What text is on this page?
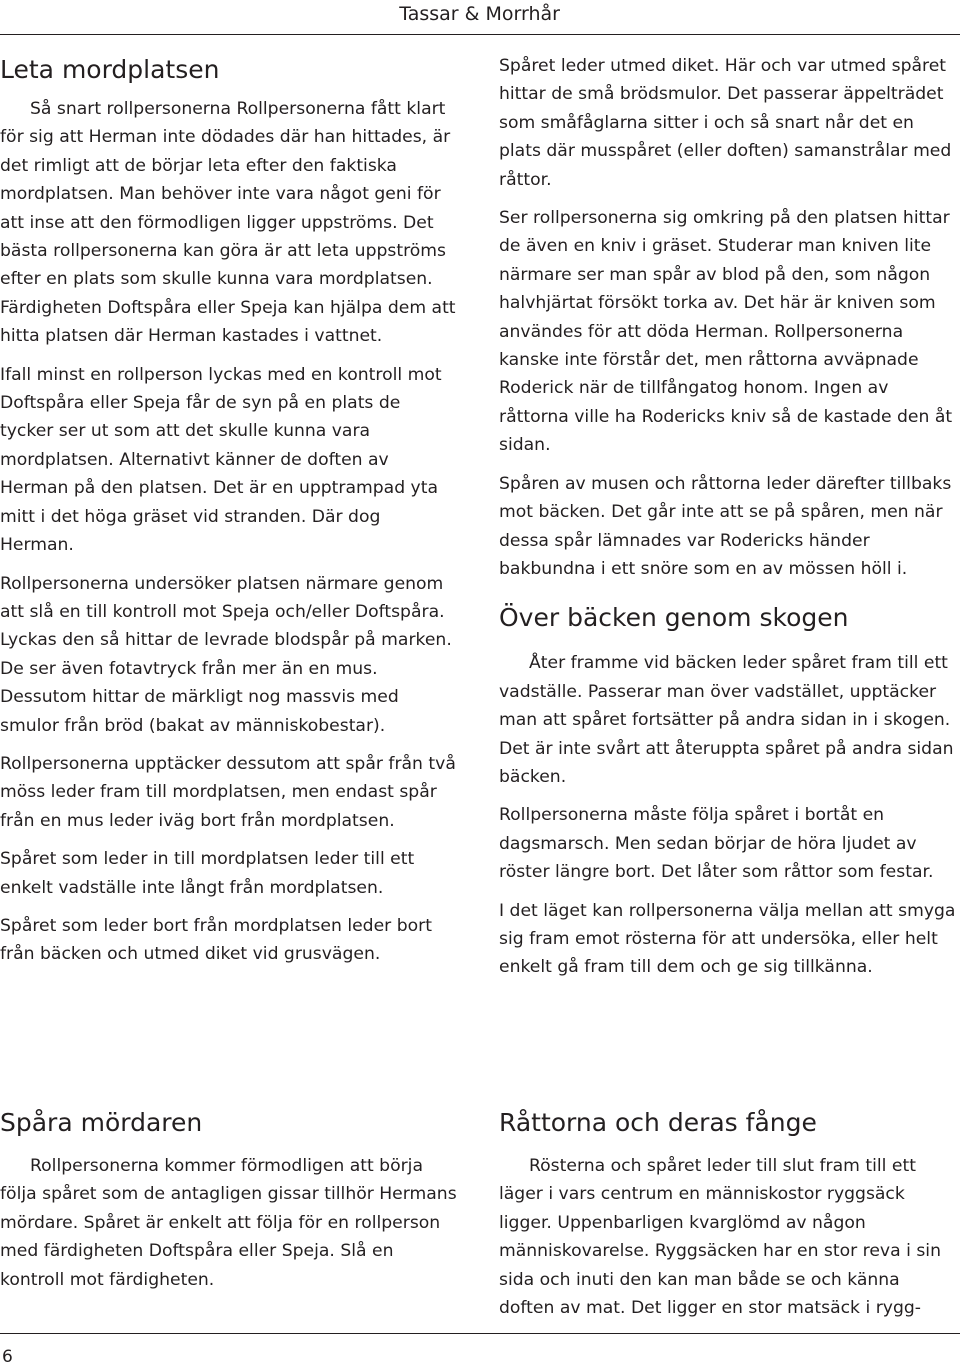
Tassar & Morrhår
Leta mordplatsen

Så snart rollpersonerna Rollpersonerna fått klart för sig att Herman inte dödades där han hittades, är det rimligt att de börjar leta efter den faktiska mordplatsen. Man behöver inte vara något geni för att inse att den förmodligen ligger uppströms. Det bästa rollpersonerna kan göra är att leta uppströms efter en plats som skulle kunna vara mordplatsen. Färdigheten Doftspåra eller Speja kan hjälpa dem att hitta platsen där Herman kastades i vattnet.

Ifall minst en rollperson lyckas med en kontroll mot Doftspåra eller Speja får de syn på en plats de tycker ser ut som att det skulle kunna vara mordplatsen. Alternativt känner de doften av Herman på den platsen. Det är en upptrampad yta mitt i det höga gräset vid stranden. Där dog Herman.

Rollpersonerna undersöker platsen närmare genom att slå en till kontroll mot Speja och/eller Doftspåra. Lyckas den så hittar de levrade blodspår på marken. De ser även fotavtryck från mer än en mus. Dessutom hittar de märkligt nog massvis med smulor från bröd (bakat av människobestar).

Rollpersonerna upptäcker dessutom att spår från två möss leder fram till mordplatsen, men endast spår från en mus leder iväg bort från mordplatsen.

Spåret som leder in till mordplatsen leder till ett enkelt vadställe inte långt från mordplatsen.

Spåret som leder bort från mordplatsen leder bort från bäcken och utmed diket vid grusvägen.

Spåra mördaren

Rollpersonerna kommer förmodligen att börja följa spåret som de antagligen gissar tillhör Hermans mördare. Spåret är enkelt att följa för en rollperson med färdigheten Doftspåra eller Speja. Slå en kontroll mot färdigheten.

Spåret leder utmed diket. Här och var utmed spåret hittar de små brödsmulor. Det passerar äppelträdet som småfåglarna sitter i och så snart når det en plats där musspåret (eller doften) samanstrålar med råttor.

Ser rollpersonerna sig omkring på den platsen hittar de även en kniv i gräset. Studerar man kniven lite närmare ser man spår av blod på den, som någon halvhjärtat försökt torka av. Det här är kniven som användes för att döda Herman. Rollpersonerna kanske inte förstår det, men råttorna avväpnade Roderick när de tillfångatog honom. Ingen av råttorna ville ha Rodericks kniv så de kastade den åt sidan.

Spåren av musen och råttorna leder därefter tillbaks mot bäcken. Det går inte att se på spåren, men när dessa spår lämnades var Rodericks händer bakbundna i ett snöre som en av mössen höll i.

Över bäcken genom skogen

Åter framme vid bäcken leder spåret fram till ett vadställe. Passerar man över vadstället, upptäcker man att spåret fortsätter på andra sidan in i skogen. Det är inte svårt att återuppta spåret på andra sidan bäcken.

Rollpersonerna måste följa spåret i bortåt en dagsmarsch. Men sedan börjar de höra ljudet av röster längre bort. Det låter som råttor som festar.

I det läget kan rollpersonerna välja mellan att smyga sig fram emot rösterna för att undersöka, eller helt enkelt gå fram till dem och ge sig tillkänna.

Råttorna och deras fånge

Rösterna och spåret leder till slut fram till ett läger i vars centrum en människostor ryggsäck ligger. Uppenbarligen kvarglömd av någon människovarelse. Ryggsäcken har en stor reva i sin sida och inuti den kan man både se och känna doften av mat. Det ligger en stor matsäck i rygg-

6
